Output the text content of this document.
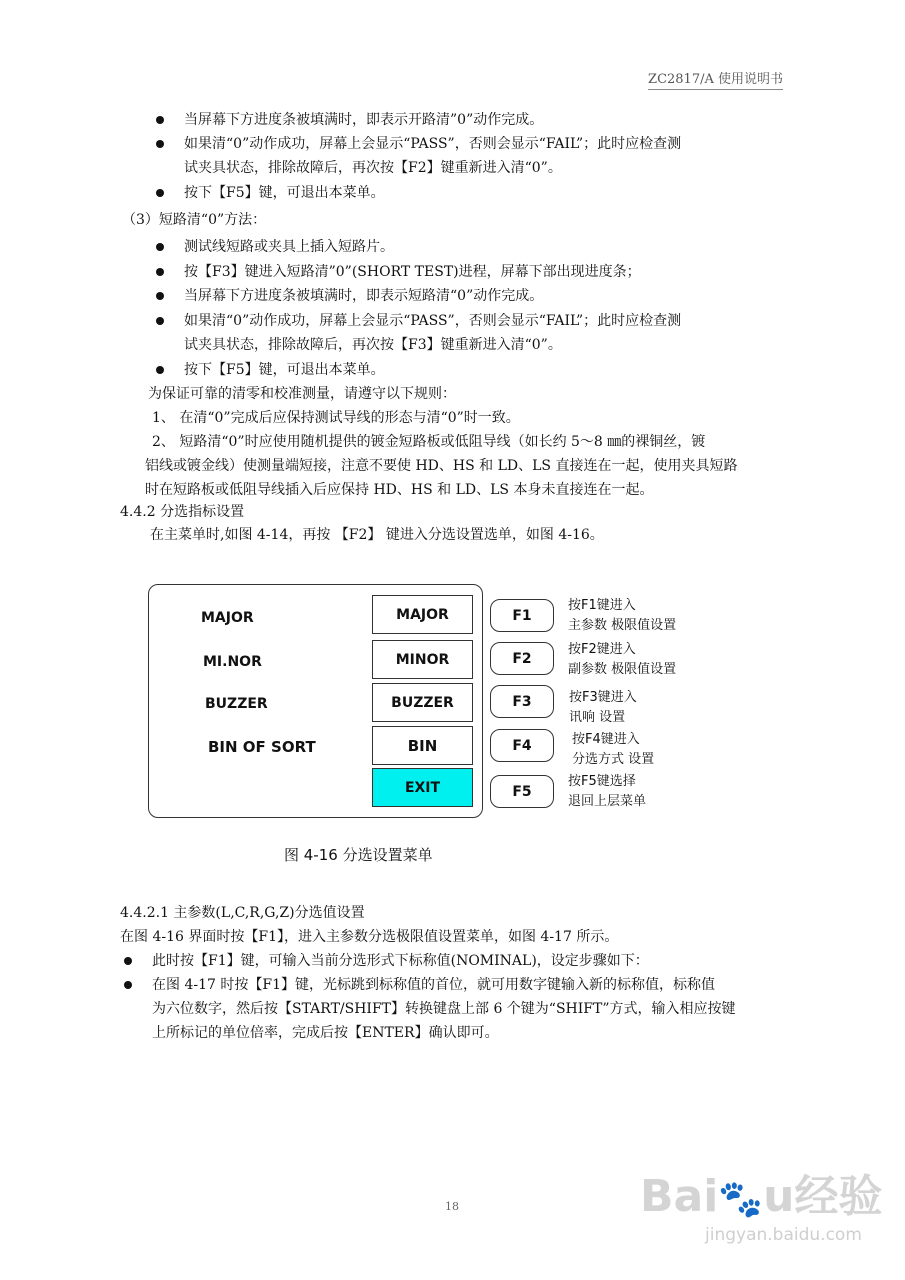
ZC2817/A 使用说明书
当屏幕下方进度条被填满时，即表示开路清”0”动作完成。
如果清“0”动作成功，屏幕上会显示“PASS”，否则会显示“FAIL”；此时应检查测
试夹具状态，排除故障后，再次按【F2】键重新进入清“0”。
按下【F5】键，可退出本菜单。
（3）短路清“0”方法：
测试线短路或夹具上插入短路片。
按【F3】键进入短路清”0”(SHORT TEST)进程，屏幕下部出现进度条；
当屏幕下方进度条被填满时，即表示短路清“0”动作完成。
如果清“0”动作成功，屏幕上会显示“PASS”，否则会显示“FAIL”；此时应检查测
试夹具状态，排除故障后，再次按【F3】键重新进入清“0”。
按下【F5】键，可退出本菜单。
为保证可靠的清零和校准测量，请遵守以下规则：
1、 在清“0”完成后应保持测试导线的形态与清“0”时一致。
2、 短路清“0”时应使用随机提供的镀金短路板或低阻导线（如长约 5～8 ㎜的裸铜丝，镀
铝线或镀金线）使测量端短接，注意不要使 HD、HS 和 LD、LS 直接连在一起，使用夹具短路
时在短路板或低阻导线插入后应保持 HD、HS 和 LD、LS 本身未直接连在一起。
4.4.2 分选指标设置
在主菜单时,如图 4-14，再按 【F2】 键进入分选设置选单，如图 4-16。
MAJOR
MI.NOR
BUZZER
BIN OF SORT
MAJOR
MINOR
BUZZER
BIN
EXIT
F1
F2
F3
F4
F5
按F1键进入
主参数 极限值设置
按F2键进入
副参数 极限值设置
按F3键进入
讯响 设置
按F4键进入
分选方式 设置
按F5键选择
退回上层菜单
图 4-16 分选设置菜单
4.4.2.1 主参数(L,C,R,G,Z)分选值设置
在图 4-16 界面时按【F1】，进入主参数分选极限值设置菜单，如图 4-17 所示。
此时按【F1】键，可输入当前分选形式下标称值(NOMINAL)，设定步骤如下：
在图 4-17 时按【F1】键，光标跳到标称值的首位，就可用数字键输入新的标称值，标称值
为六位数字，然后按【START/SHIFT】转换键盘上部 6 个键为“SHIFT”方式，输入相应按键
上所标记的单位倍率，完成后按【ENTER】确认即可。
18	Bai🐾u经验
jingyan.baidu.com
